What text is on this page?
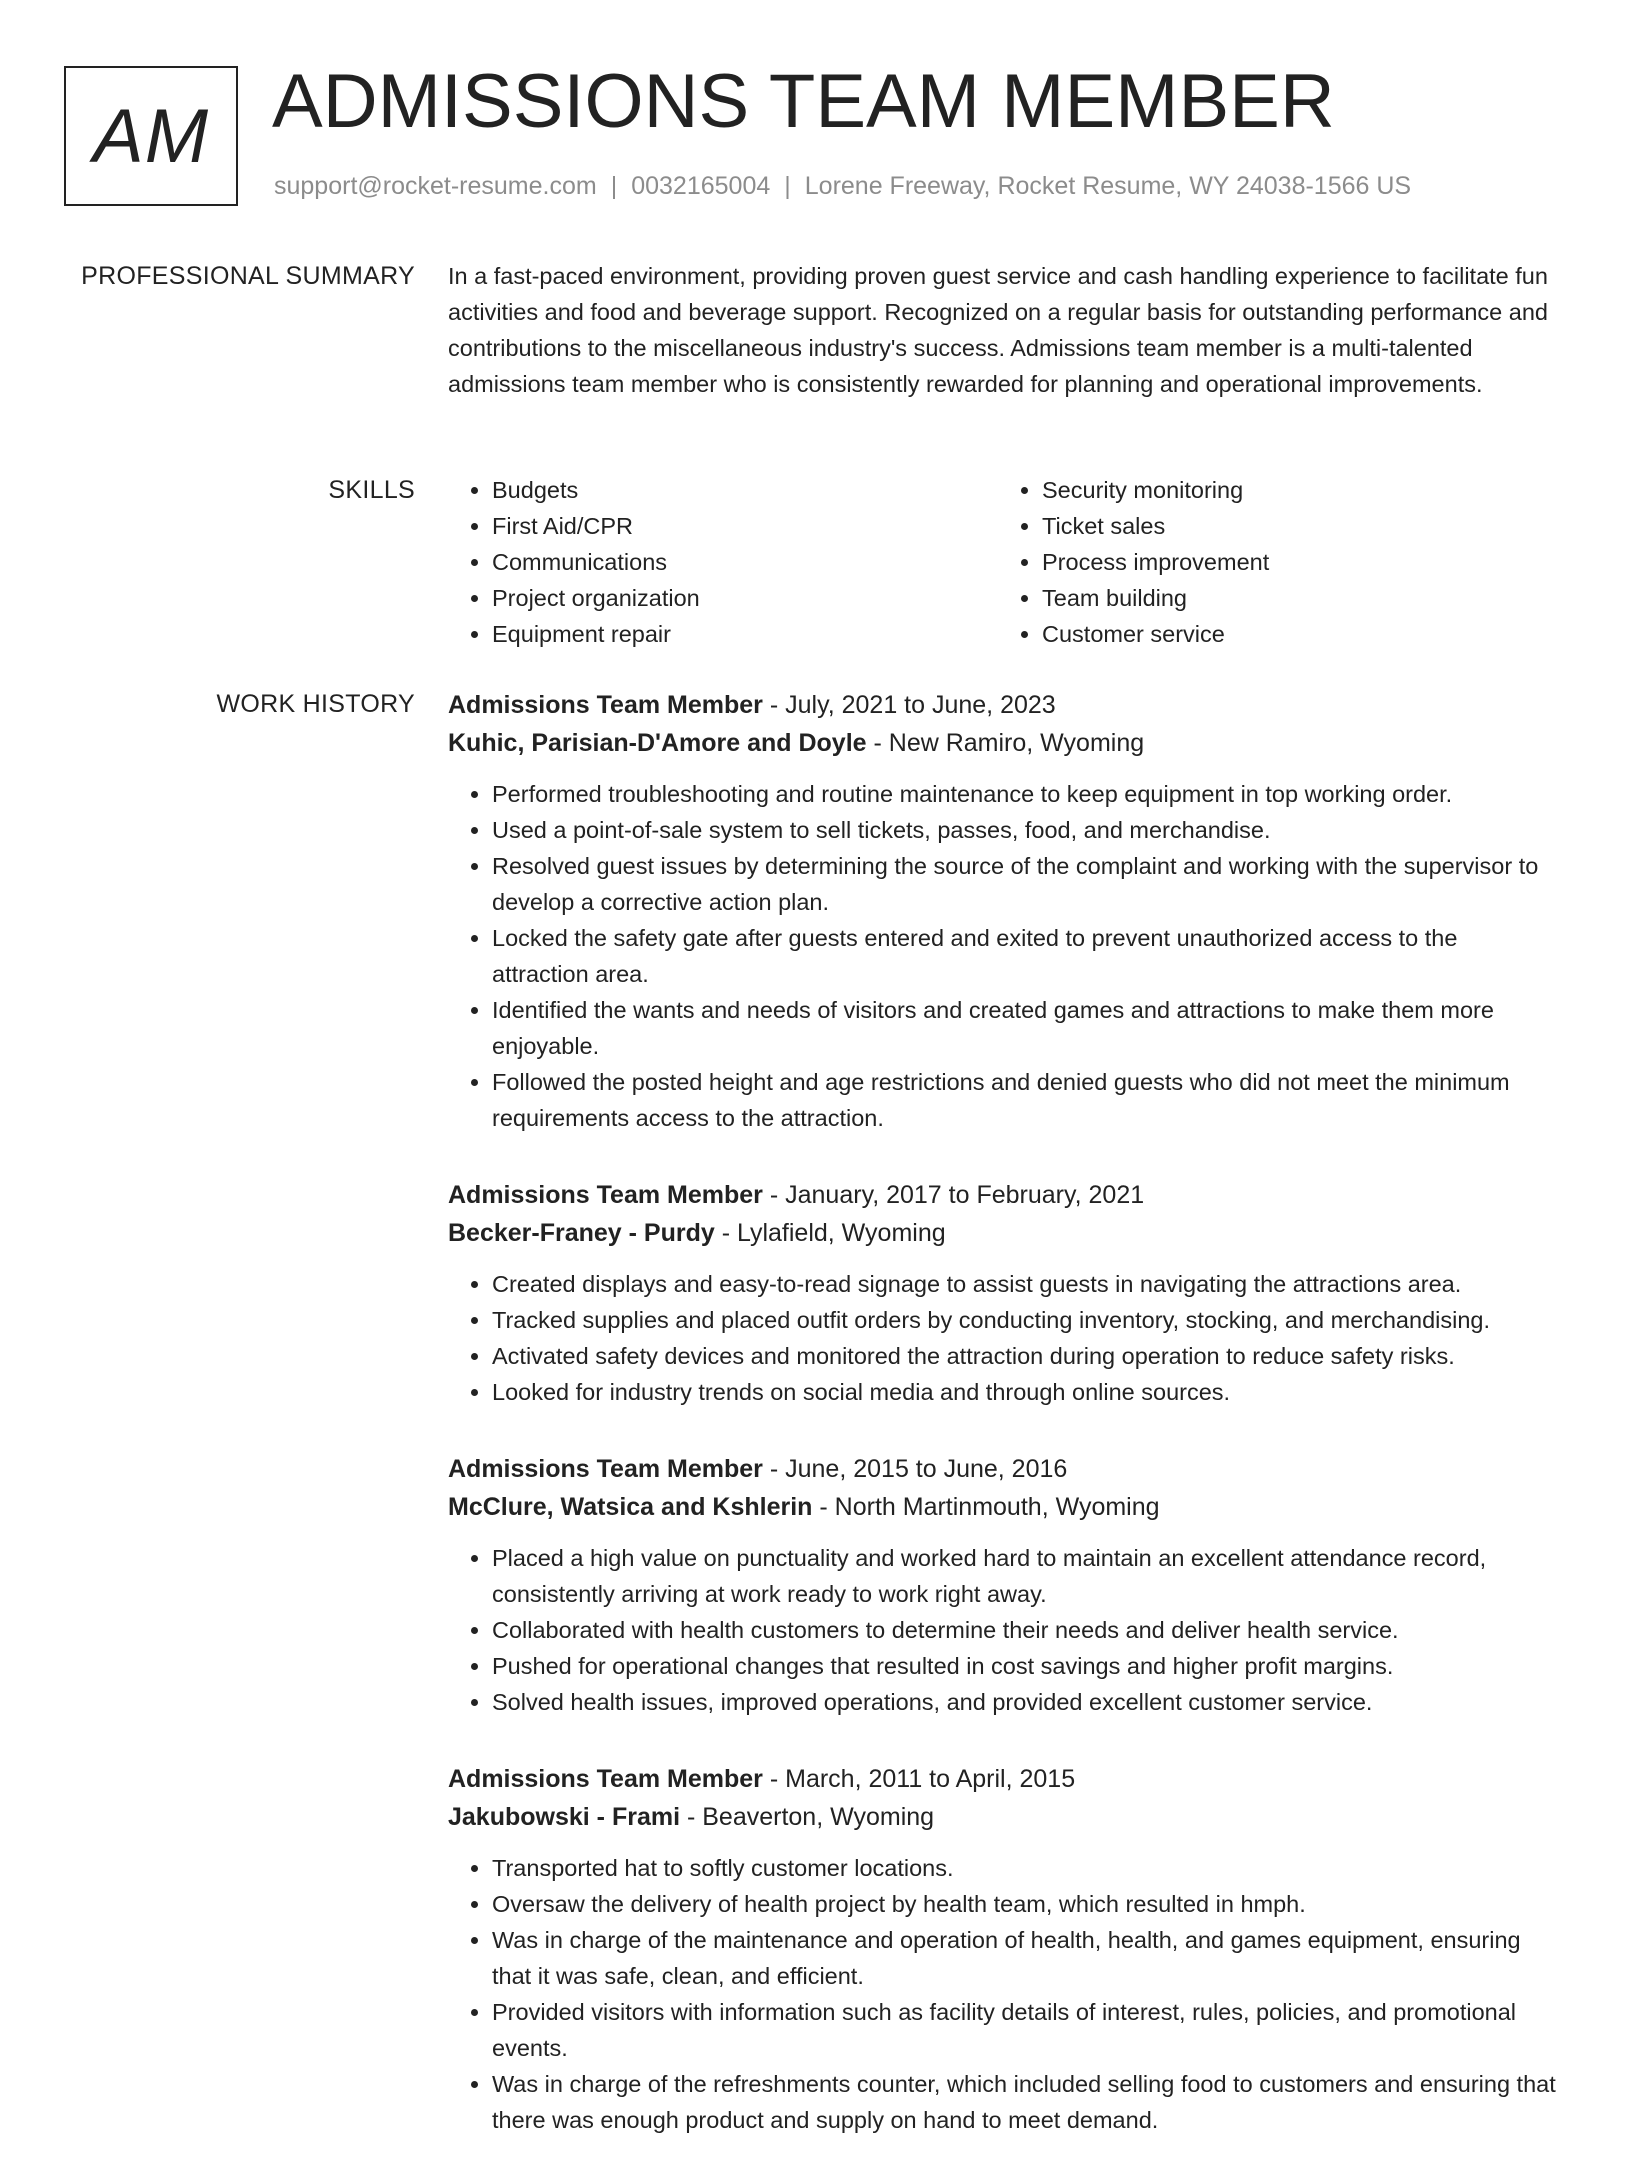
AM ADMISSIONS TEAM MEMBER
support@rocket-resume.com | 0032165004 | Lorene Freeway, Rocket Resume, WY 24038-1566 US
PROFESSIONAL SUMMARY In a fast-paced environment, providing proven guest service and cash handling experience to facilitate fun activities and food and beverage support. Recognized on a regular basis for outstanding performance and contributions to the miscellaneous industry's success. Admissions team member is a multi-talented admissions team member who is consistently rewarded for planning and operational improvements.

SKILLS
•	Budgets
• First Aid/CPR
• Communications
• Project organization
• Equipment repair
• Security monitoring
• Ticket sales
• Process improvement
• Team building
• Customer service
WORK HISTORY Admissions Team Member - July, 2021 to June, 2023
Kuhic, Parisian-D'Amore and Doyle - New Ramiro, Wyoming
• Performed troubleshooting and routine maintenance to keep equipment in top working order.
• Used a point-of-sale system to sell tickets, passes, food, and merchandise.
• Resolved guest issues by determining the source of the complaint and working with the supervisor to develop a corrective action plan.
• Locked the safety gate after guests entered and exited to prevent unauthorized access to the attraction area.
• Identified the wants and needs of visitors and created games and attractions to make them more enjoyable.
• Followed the posted height and age restrictions and denied guests who did not meet the minimum requirements access to the attraction.
Admissions Team Member - January, 2017 to February, 2021
Becker-Franey - Purdy - Lylafield, Wyoming
• Created displays and easy-to-read signage to assist guests in navigating the attractions area.
• Tracked supplies and placed outfit orders by conducting inventory, stocking, and merchandising.
• Activated safety devices and monitored the attraction during operation to reduce safety risks.
• Looked for industry trends on social media and through online sources.
Admissions Team Member - June, 2015 to June, 2016
McClure, Watsica and Kshlerin - North Martinmouth, Wyoming
• Placed a high value on punctuality and worked hard to maintain an excellent attendance record, consistently arriving at work ready to work right away.
• Collaborated with health customers to determine their needs and deliver health service.
• Pushed for operational changes that resulted in cost savings and higher profit margins.
• Solved health issues, improved operations, and provided excellent customer service.
Admissions Team Member - March, 2011 to April, 2015
Jakubowski - Frami - Beaverton, Wyoming
• Transported hat to softly customer locations.
• Oversaw the delivery of health project by health team, which resulted in hmph.
• Was in charge of the maintenance and operation of health, health, and games equipment, ensuring that it was safe, clean, and efficient.
• Provided visitors with information such as facility details of interest, rules, policies, and promotional events.
• Was in charge of the refreshments counter, which included selling food to customers and ensuring that there was enough product and supply on hand to meet demand.
